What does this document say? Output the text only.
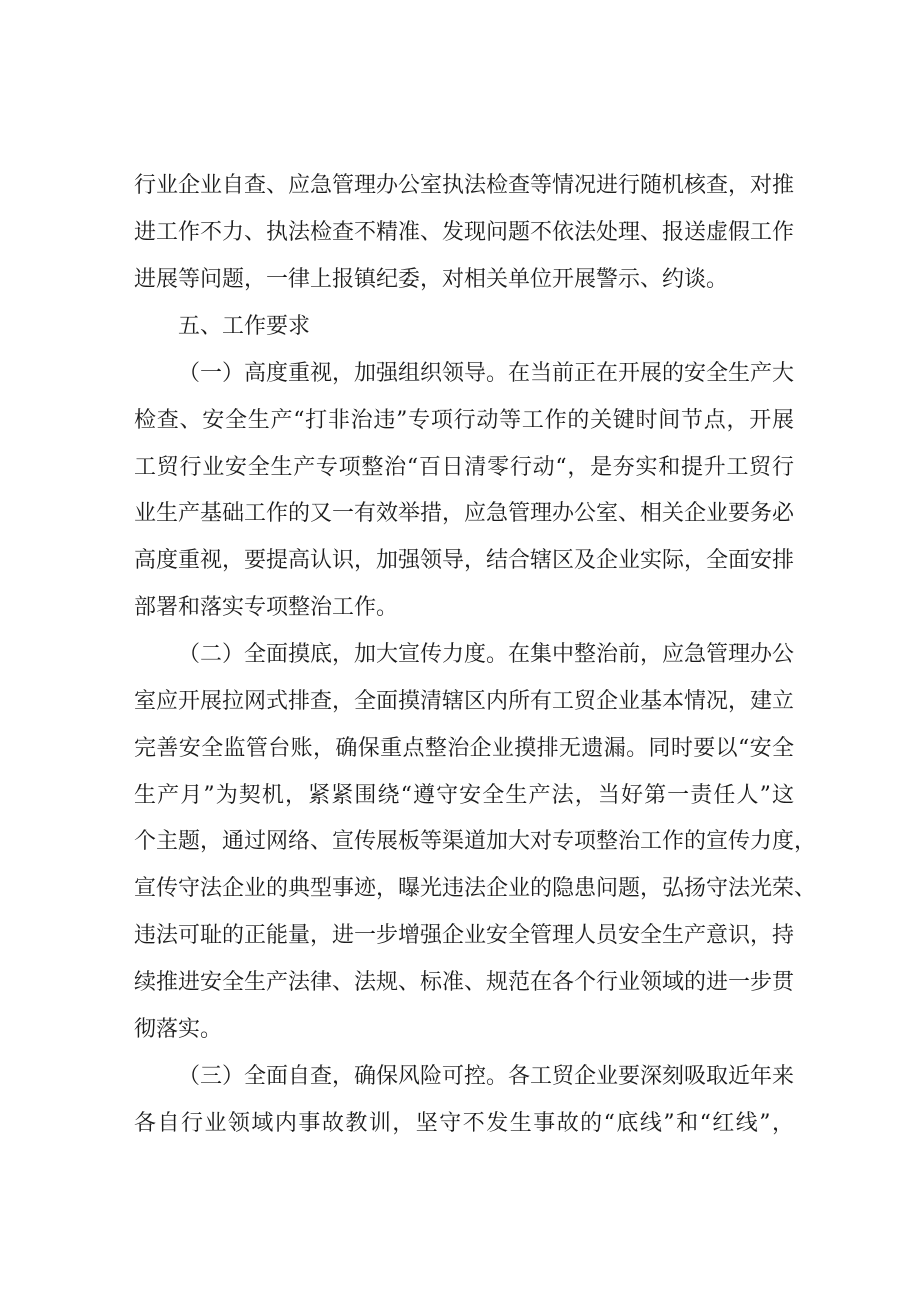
行业企业自查、应急管理办公室执法检查等情况进行随机核查，对推
进工作不力、执法检查不精准、发现问题不依法处理、报送虚假工作
进展等问题，一律上报镇纪委，对相关单位开展警示、约谈。
五、工作要求
（一）高度重视，加强组织领导。在当前正在开展的安全生产大
检查、安全生产“打非治违”专项行动等工作的关键时间节点，开展
工贸行业安全生产专项整治“百日清零行动“，是夯实和提升工贸行
业生产基础工作的又一有效举措，应急管理办公室、相关企业要务必
高度重视，要提高认识，加强领导，结合辖区及企业实际，全面安排
部署和落实专项整治工作。
（二）全面摸底，加大宣传力度。在集中整治前，应急管理办公
室应开展拉网式排查，全面摸清辖区内所有工贸企业基本情况，建立
完善安全监管台账，确保重点整治企业摸排无遗漏。同时要以“安全
生产月”为契机，紧紧围绕“遵守安全生产法，当好第一责任人”这
个主题，通过网络、宣传展板等渠道加大对专项整治工作的宣传力度，
宣传守法企业的典型事迹，曝光违法企业的隐患问题，弘扬守法光荣、
违法可耻的正能量，进一步增强企业安全管理人员安全生产意识，持
续推进安全生产法律、法规、标准、规范在各个行业领域的进一步贯
彻落实。
（三）全面自查，确保风险可控。各工贸企业要深刻吸取近年来
各自行业领域内事故教训，坚守不发生事故的“底线”和“红线”，
